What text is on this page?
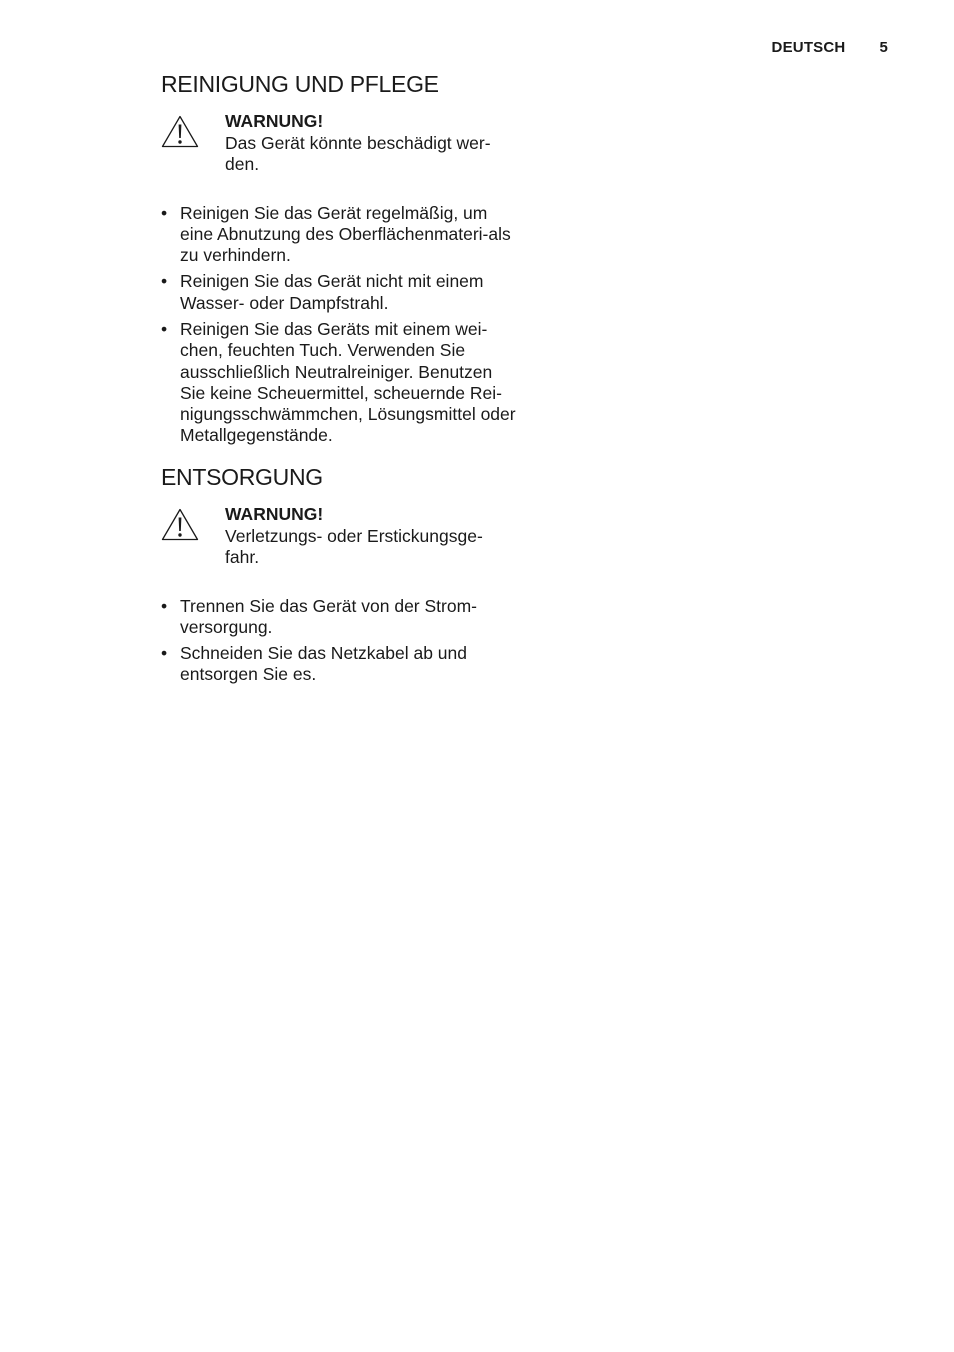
DEUTSCH 5
REINIGUNG UND PFLEGE
WARNUNG!
Das Gerät könnte beschädigt wer-den.
• Reinigen Sie das Gerät regelmäßig, um eine Abnutzung des Oberflächenmateri-als zu verhindern.
• Reinigen Sie das Gerät nicht mit einem Wasser- oder Dampfstrahl.
• Reinigen Sie das Geräts mit einem wei-chen, feuchten Tuch. Verwenden Sie ausschließlich Neutralreiniger. Benutzen Sie keine Scheuermittel, scheuernde Rei-nigungsschwämmchen, Lösungsmittel oder Metallgegenstände.
ENTSORGUNG
WARNUNG!
Verletzungs- oder Erstickungsge-fahr.
• Trennen Sie das Gerät von der Strom-versorgung.
• Schneiden Sie das Netzkabel ab und entsorgen Sie es.
